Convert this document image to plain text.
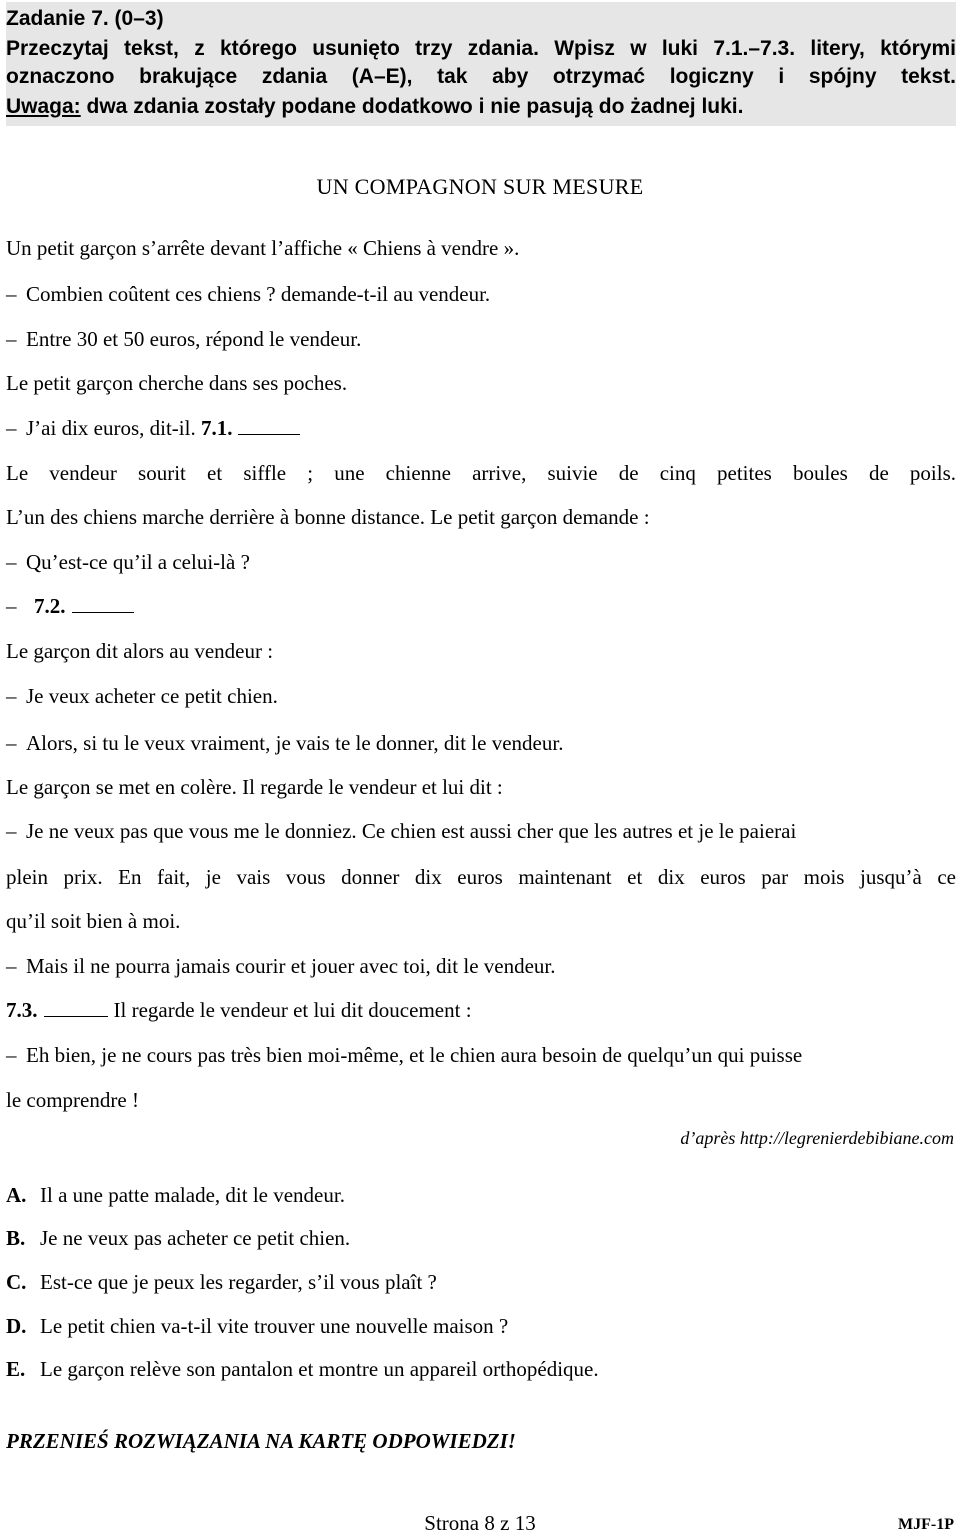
Zadanie 7. (0–3)

Przeczytaj tekst, z którego usunięto trzy zdania. Wpisz w luki 7.1.–7.3. litery, którymi

oznaczono brakujące zdania (A–E), tak aby otrzymać logiczny i spójny tekst.

Uwaga: dwa zdania zostały podane dodatkowo i nie pasują do żadnej luki.

UN COMPAGNON SUR MESURE
Un petit garçon s’arrête devant l’affiche « Chiens à vendre ».
– Combien coûtent ces chiens ? demande-t-il au vendeur.
– Entre 30 et 50 euros, répond le vendeur.
Le petit garçon cherche dans ses poches.
– J’ai dix euros, dit-il. 7.1.
Le vendeur sourit et siffle ; une chienne arrive, suivie de cinq petites boules de poils.
L’un des chiens marche derrière à bonne distance. Le petit garçon demande :
– Qu’est-ce qu’il a celui-là ?
– 7.2.
Le garçon dit alors au vendeur :
– Je veux acheter ce petit chien.
– Alors, si tu le veux vraiment, je vais te le donner, dit le vendeur.
Le garçon se met en colère. Il regarde le vendeur et lui dit :
– Je ne veux pas que vous me le donniez. Ce chien est aussi cher que les autres et je le paierai
plein prix. En fait, je vais vous donner dix euros maintenant et dix euros par mois jusqu’à ce
qu’il soit bien à moi.
– Mais il ne pourra jamais courir et jouer avec toi, dit le vendeur.
7.3.	Il regarde le vendeur et lui dit doucement :
– Eh bien, je ne cours pas très bien moi-même, et le chien aura besoin de quelqu’un qui puisse
le comprendre !
d’après http://legrenierdebibiane.com
A. Il a une patte malade, dit le vendeur.
B. Je ne veux pas acheter ce petit chien.
C. Est-ce que je peux les regarder, s’il vous plaît ?
D. Le petit chien va-t-il vite trouver une nouvelle maison ?
E. Le garçon relève son pantalon et montre un appareil orthopédique.
PRZENIEŚ ROZWIĄZANIA NA KARTĘ ODPOWIEDZI!
Strona 8 z 13	MJF-1P
